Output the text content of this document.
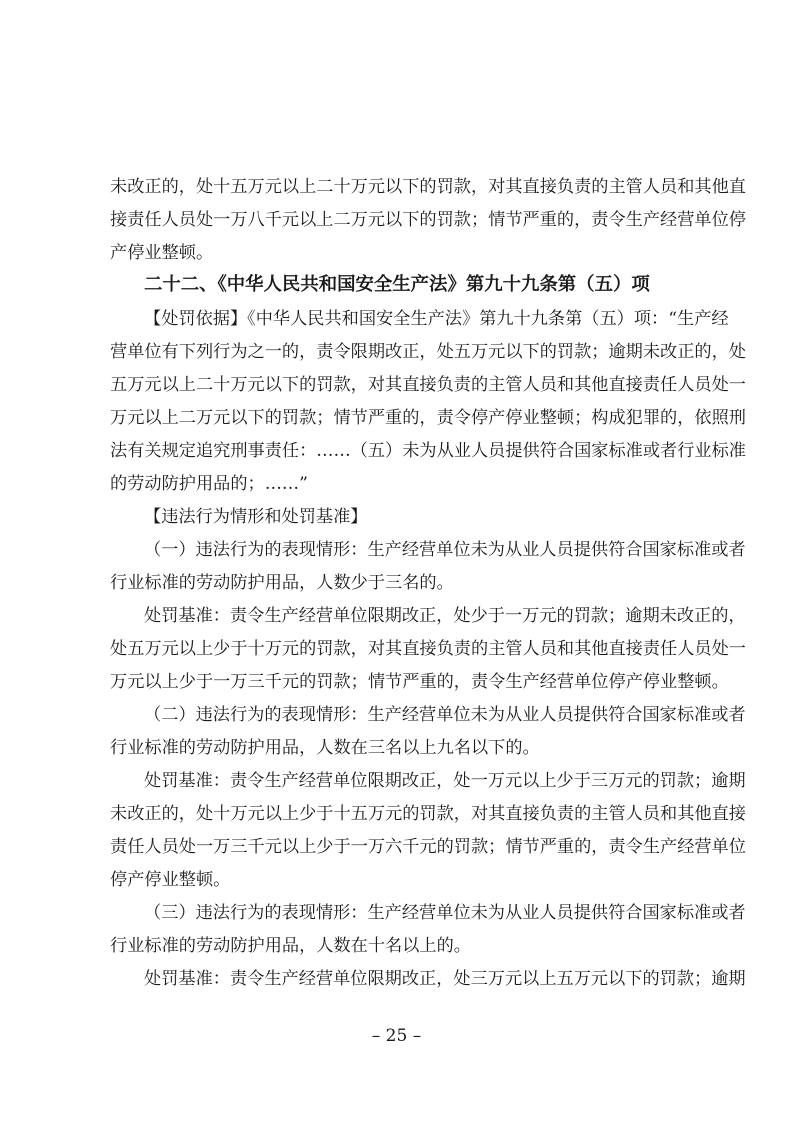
未改正的，处十五万元以上二十万元以下的罚款，对其直接负责的主管人员和其他直
接责任人员处一万八千元以上二万元以下的罚款；情节严重的，责令生产经营单位停
产停业整顿。
二十二、《中华人民共和国安全生产法》第九十九条第（五）项
【处罚依据】《中华人民共和国安全生产法》第九十九条第（五）项：“生产经
营单位有下列行为之一的，责令限期改正，处五万元以下的罚款；逾期未改正的，处
五万元以上二十万元以下的罚款，对其直接负责的主管人员和其他直接责任人员处一
万元以上二万元以下的罚款；情节严重的，责令停产停业整顿；构成犯罪的，依照刑
法有关规定追究刑事责任：……（五）未为从业人员提供符合国家标准或者行业标准
的劳动防护用品的；……”
【违法行为情形和处罚基准】
（一）违法行为的表现情形：生产经营单位未为从业人员提供符合国家标准或者
行业标准的劳动防护用品，人数少于三名的。
处罚基准：责令生产经营单位限期改正，处少于一万元的罚款；逾期未改正的，
处五万元以上少于十万元的罚款，对其直接负责的主管人员和其他直接责任人员处一
万元以上少于一万三千元的罚款；情节严重的，责令生产经营单位停产停业整顿。
（二）违法行为的表现情形：生产经营单位未为从业人员提供符合国家标准或者
行业标准的劳动防护用品，人数在三名以上九名以下的。
处罚基准：责令生产经营单位限期改正，处一万元以上少于三万元的罚款；逾期
未改正的，处十万元以上少于十五万元的罚款，对其直接负责的主管人员和其他直接
责任人员处一万三千元以上少于一万六千元的罚款；情节严重的，责令生产经营单位
停产停业整顿。
（三）违法行为的表现情形：生产经营单位未为从业人员提供符合国家标准或者
行业标准的劳动防护用品，人数在十名以上的。
处罚基准：责令生产经营单位限期改正，处三万元以上五万元以下的罚款；逾期
– 25 –
